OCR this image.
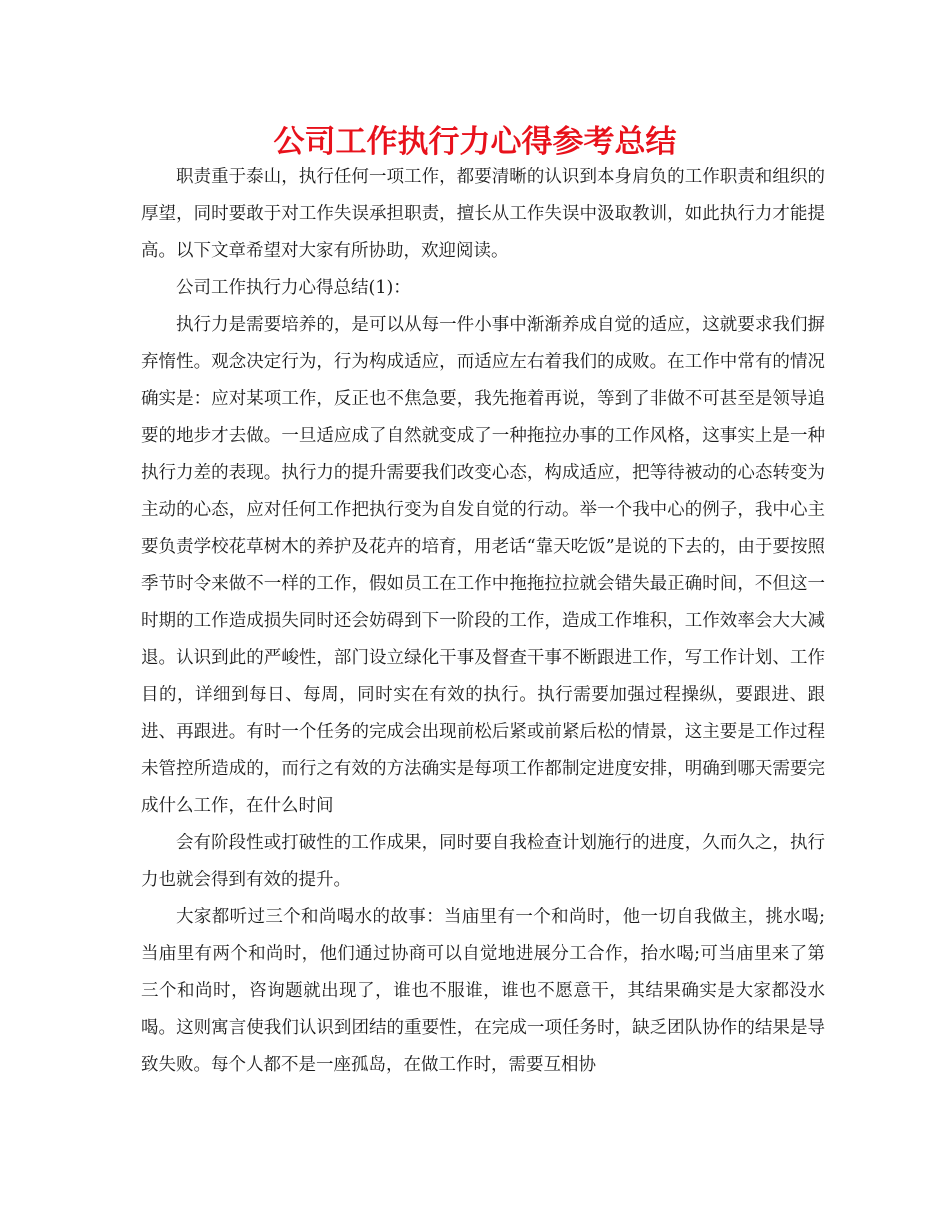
公司工作执行力心得参考总结

职责重于泰山，执行任何一项工作，都要清晰的认识到本身肩负的工作职责和组织的厚望，同时要敢于对工作失误承担职责，擅长从工作失误中汲取教训，如此执行力才能提高。以下文章希望对大家有所协助，欢迎阅读。

公司工作执行力心得总结(1)：

执行力是需要培养的，是可以从每一件小事中渐渐养成自觉的适应，这就要求我们摒弃惰性。观念决定行为，行为构成适应，而适应左右着我们的成败。在工作中常有的情况确实是：应对某项工作，反正也不焦急要，我先拖着再说，等到了非做不可甚至是领导追要的地步才去做。一旦适应成了自然就变成了一种拖拉办事的工作风格，这事实上是一种执行力差的表现。执行力的提升需要我们改变心态，构成适应，把等待被动的心态转变为主动的心态，应对任何工作把执行变为自发自觉的行动。举一个我中心的例子，我中心主要负责学校花草树木的养护及花卉的培育，用老话“靠天吃饭”是说的下去的，由于要按照季节时令来做不一样的工作，假如员工在工作中拖拖拉拉就会错失最正确时间，不但这一时期的工作造成损失同时还会妨碍到下一阶段的工作，造成工作堆积，工作效率会大大减退。认识到此的严峻性，部门设立绿化干事及督查干事不断跟进工作，写工作计划、工作目的，详细到每日、每周，同时实在有效的执行。执行需要加强过程操纵，要跟进、跟进、再跟进。有时一个任务的完成会出现前松后紧或前紧后松的情景，这主要是工作过程未管控所造成的，而行之有效的方法确实是每项工作都制定进度安排，明确到哪天需要完成什么工作，在什么时间

会有阶段性或打破性的工作成果，同时要自我检查计划施行的进度，久而久之，执行力也就会得到有效的提升。

大家都听过三个和尚喝水的故事：当庙里有一个和尚时，他一切自我做主，挑水喝;当庙里有两个和尚时，他们通过协商可以自觉地进展分工合作，抬水喝;可当庙里来了第三个和尚时，咨询题就出现了，谁也不服谁，谁也不愿意干，其结果确实是大家都没水喝。这则寓言使我们认识到团结的重要性，在完成一项任务时，缺乏团队协作的结果是导致失败。每个人都不是一座孤岛，在做工作时，需要互相协
